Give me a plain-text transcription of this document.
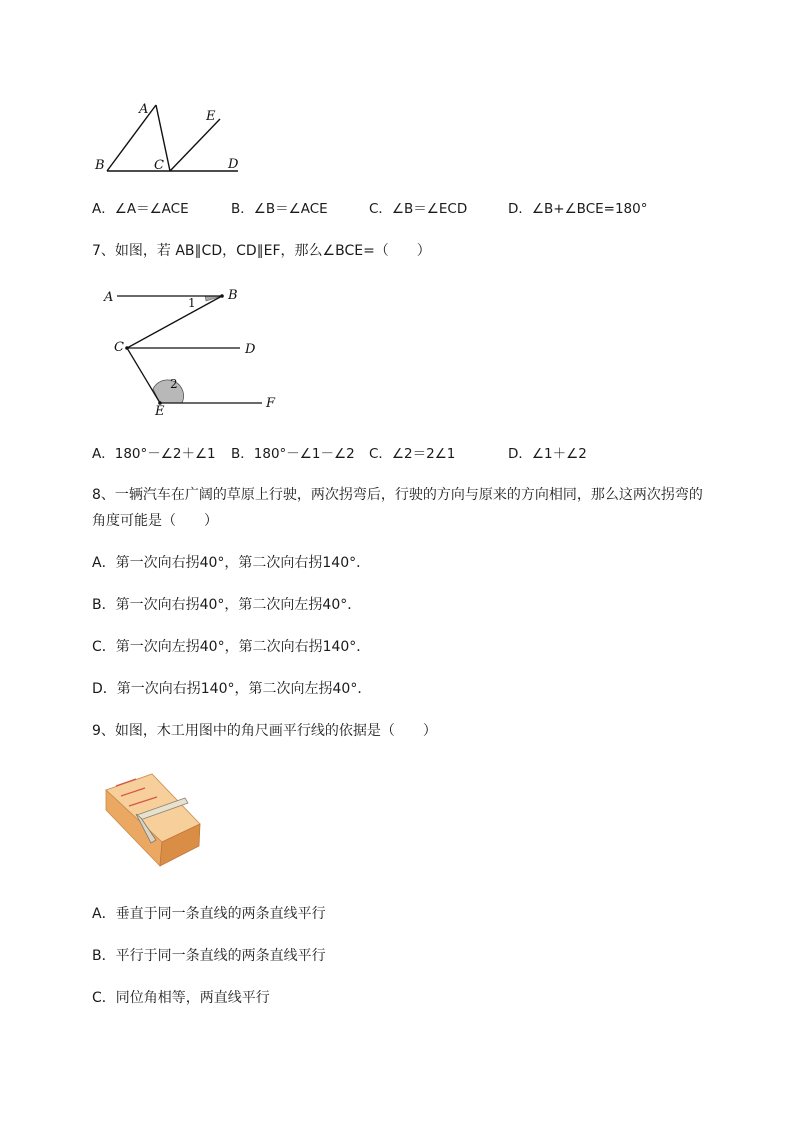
A
B	C	D
E
A．∠A＝∠ACE	B．∠B＝∠ACE	C．∠B＝∠ECD	D．∠B+∠BCE=180°
7、如图，若 AB∥CD，CD∥EF，那么∠BCE=（　　）
A	B
C	D
E
F
1
2
A．180°－∠2＋∠1 B．180°－∠1－∠2 C．∠2＝2∠1	D．∠1＋∠2
8、一辆汽车在广阔的草原上行驶，两次拐弯后，行驶的方向与原来的方向相同，那么这两次拐弯的
角度可能是（　　）
A．第一次向右拐40°，第二次向右拐140°．
B．第一次向右拐40°，第二次向左拐40°．
C．第一次向左拐40°，第二次向右拐140°．
D．第一次向右拐140°，第二次向左拐40°．
9、如图，木工用图中的角尺画平行线的依据是（　　）
A．垂直于同一条直线的两条直线平行
B．平行于同一条直线的两条直线平行
C．同位角相等，两直线平行
